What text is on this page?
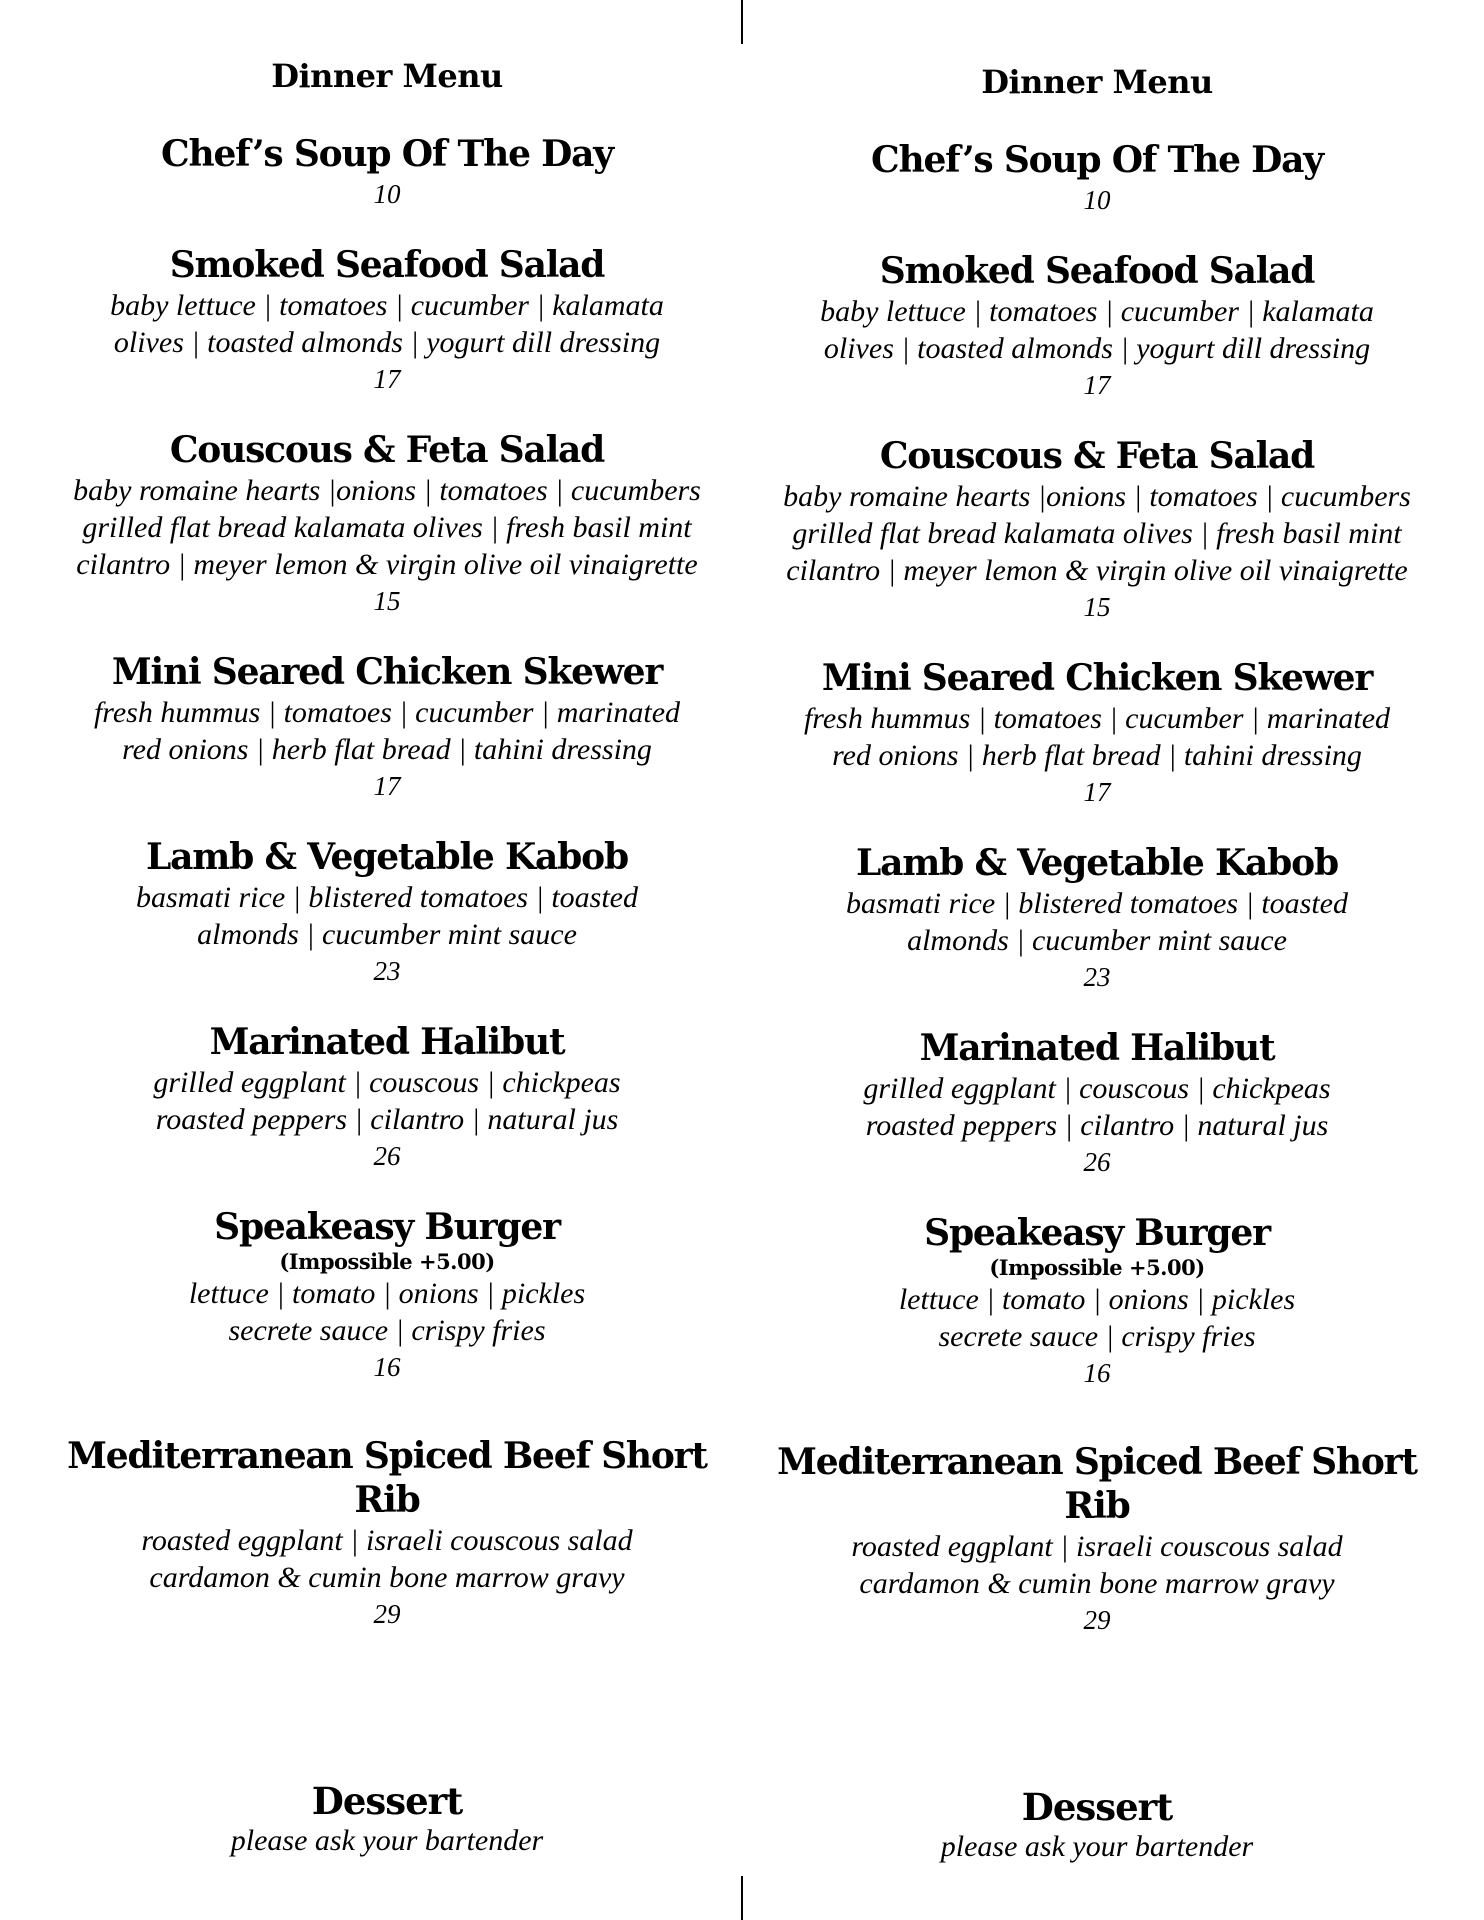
Dinner Menu
Chef’s Soup Of The Day
10
Smoked Seafood Salad
baby lettuce | tomatoes | cucumber | kalamata
olives | toasted almonds | yogurt dill dressing
17
Couscous & Feta Salad
baby romaine hearts |onions | tomatoes | cucumbers
grilled flat bread kalamata olives | fresh basil mint
cilantro | meyer lemon & virgin olive oil vinaigrette
15
Mini Seared Chicken Skewer
fresh hummus | tomatoes | cucumber | marinated
red onions | herb flat bread | tahini dressing
17
Lamb & Vegetable Kabob
basmati rice | blistered tomatoes | toasted
almonds | cucumber mint sauce
23
Marinated Halibut
grilled eggplant | couscous | chickpeas
roasted peppers | cilantro | natural jus
26
Speakeasy Burger
(Impossible +5.00)
lettuce | tomato | onions | pickles
secrete sauce | crispy fries
16
Mediterranean Spiced Beef Short Rib
roasted eggplant | israeli couscous salad
cardamon & cumin bone marrow gravy
29
Dessert
please ask your bartender
Dinner Menu
Chef’s Soup Of The Day
10
Smoked Seafood Salad
baby lettuce | tomatoes | cucumber | kalamata
olives | toasted almonds | yogurt dill dressing
17
Couscous & Feta Salad
baby romaine hearts |onions | tomatoes | cucumbers
grilled flat bread kalamata olives | fresh basil mint
cilantro | meyer lemon & virgin olive oil vinaigrette
15
Mini Seared Chicken Skewer
fresh hummus | tomatoes | cucumber | marinated
red onions | herb flat bread | tahini dressing
17
Lamb & Vegetable Kabob
basmati rice | blistered tomatoes | toasted
almonds | cucumber mint sauce
23
Marinated Halibut
grilled eggplant | couscous | chickpeas
roasted peppers | cilantro | natural jus
26
Speakeasy Burger
(Impossible +5.00)
lettuce | tomato | onions | pickles
secrete sauce | crispy fries
16
Mediterranean Spiced Beef Short Rib
roasted eggplant | israeli couscous salad
cardamon & cumin bone marrow gravy
29
Dessert
please ask your bartender
